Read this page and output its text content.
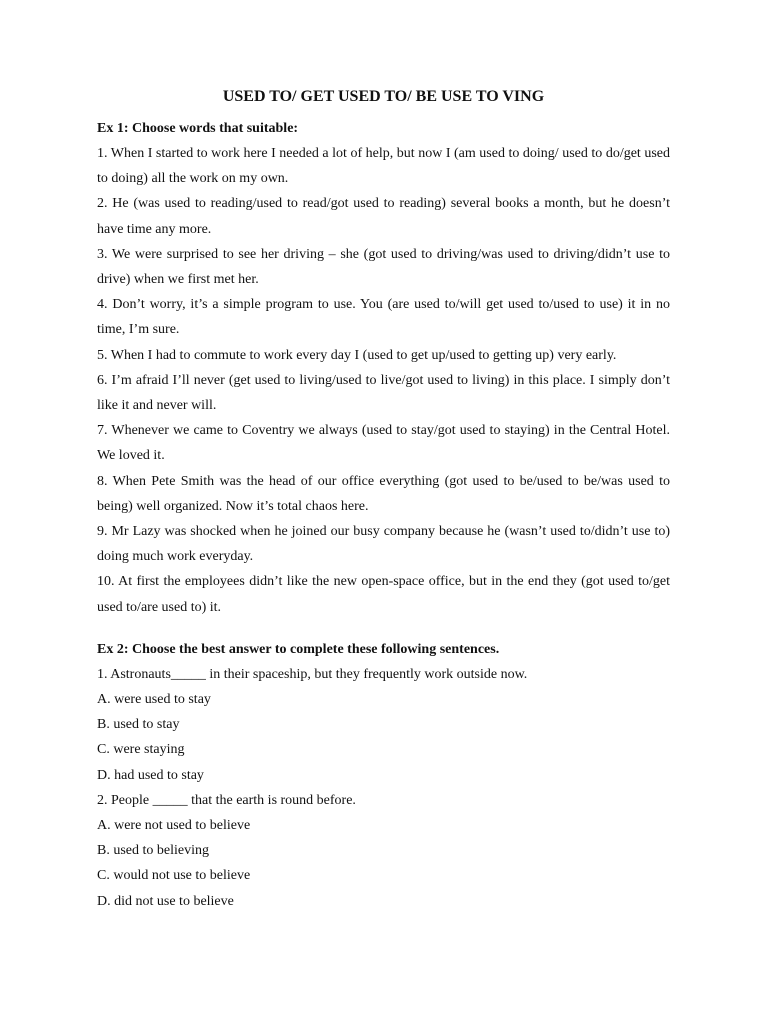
USED TO/ GET USED TO/ BE USE TO VING

Ex 1: Choose words that suitable:

1. When I started to work here I needed a lot of help, but now I (am used to doing/ used to do/get used to doing) all the work on my own.

2. He (was used to reading/used to read/got used to reading) several books a month, but he doesn’t have time any more.

3. We were surprised to see her driving – she (got used to driving/was used to driving/didn’t use to drive) when we first met her.

4. Don’t worry, it’s a simple program to use. You (are used to/will get used to/used to use) it in no time, I’m sure.

5. When I had to commute to work every day I (used to get up/used to getting up) very early.

6. I’m afraid I’ll never (get used to living/used to live/got used to living) in this place. I simply don’t like it and never will.

7. Whenever we came to Coventry we always (used to stay/got used to staying) in the Central Hotel. We loved it.

8. When Pete Smith was the head of our office everything (got used to be/used to be/was used to being) well organized. Now it’s total chaos here.

9. Mr Lazy was shocked when he joined our busy company because he (wasn’t used to/didn’t use to) doing much work everyday.

10. At first the employees didn’t like the new open-space office, but in the end they (got used to/get used to/are used to) it.

Ex 2: Choose the best answer to complete these following sentences.

1. Astronauts_____ in their spaceship, but they frequently work outside now.

A. were used to stay

B. used to stay

C. were staying

D. had used to stay

2. People _____ that the earth is round before.

A. were not used to believe

B. used to believing

C. would not use to believe

D. did not use to believe
